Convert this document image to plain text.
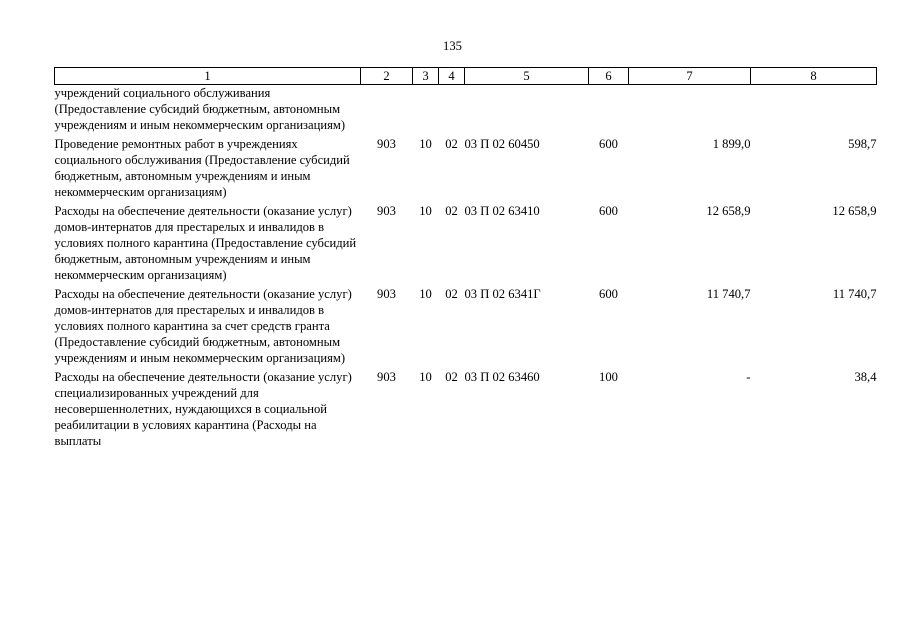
135
1	2	3	4	5	6	7	8
учреждений социального обслуживания (Предоставление субсидий бюджетным, автономным учреждениям и иным некоммерческим организациям)							
Проведение ремонтных работ в учреждениях социального обслуживания (Предоставление субсидий бюджетным, автономным учреждениям и иным некоммерческим организациям)	903	10	02	03 П 02 60450	600	1 899,0	598,7
Расходы на обеспечение деятельности (оказание услуг) домов-интернатов для престарелых и инвалидов в условиях полного карантина (Предоставление субсидий бюджетным, автономным учреждениям и иным некоммерческим организациям)	903	10	02	03 П 02 63410	600	12 658,9	12 658,9
Расходы на обеспечение деятельности (оказание услуг) домов-интернатов для престарелых и инвалидов в условиях полного карантина за счет средств гранта (Предоставление субсидий бюджетным, автономным учреждениям и иным некоммерческим организациям)	903	10	02	03 П 02 6341Г	600	11 740,7	11 740,7
Расходы на обеспечение деятельности (оказание услуг) специализированных учреждений для несовершеннолетних, нуждающихся в социальной реабилитации в условиях карантина (Расходы на выплаты	903	10	02	03 П 02 63460	100	-	38,4
